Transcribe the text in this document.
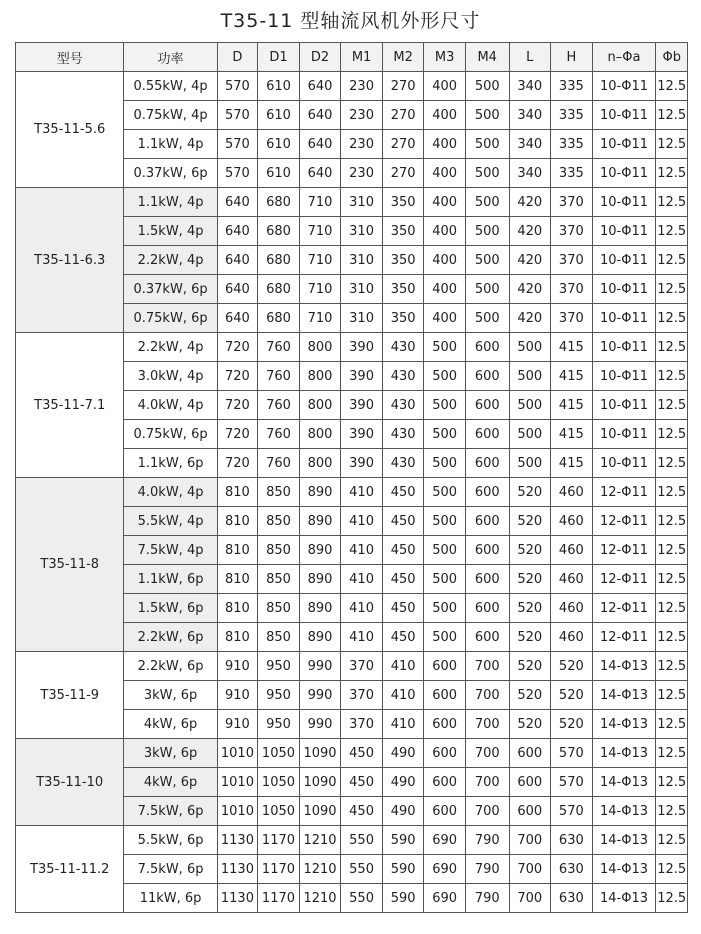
T35-11 型轴流风机外形尺寸
型号	功率	D	D1	D2	M1	M2	M3	M4	L	H	n–Φa	Φb
T35-11-5.6	0.55kW, 4p	570	610	640	230	270	400	500	340	335	10-Φ11	12.5
	0.75kW, 4p	570	610	640	230	270	400	500	340	335	10-Φ11	12.5
	1.1kW, 4p	570	610	640	230	270	400	500	340	335	10-Φ11	12.5
	0.37kW, 6p	570	610	640	230	270	400	500	340	335	10-Φ11	12.5
T35-11-6.3	1.1kW, 4p	640	680	710	310	350	400	500	420	370	10-Φ11	12.5
	1.5kW, 4p	640	680	710	310	350	400	500	420	370	10-Φ11	12.5
	2.2kW, 4p	640	680	710	310	350	400	500	420	370	10-Φ11	12.5
	0.37kW, 6p	640	680	710	310	350	400	500	420	370	10-Φ11	12.5
	0.75kW, 6p	640	680	710	310	350	400	500	420	370	10-Φ11	12.5
T35-11-7.1	2.2kW, 4p	720	760	800	390	430	500	600	500	415	10-Φ11	12.5
	3.0kW, 4p	720	760	800	390	430	500	600	500	415	10-Φ11	12.5
	4.0kW, 4p	720	760	800	390	430	500	600	500	415	10-Φ11	12.5
	0.75kW, 6p	720	760	800	390	430	500	600	500	415	10-Φ11	12.5
	1.1kW, 6p	720	760	800	390	430	500	600	500	415	10-Φ11	12.5
T35-11-8	4.0kW, 4p	810	850	890	410	450	500	600	520	460	12-Φ11	12.5
	5.5kW, 4p	810	850	890	410	450	500	600	520	460	12-Φ11	12.5
	7.5kW, 4p	810	850	890	410	450	500	600	520	460	12-Φ11	12.5
	1.1kW, 6p	810	850	890	410	450	500	600	520	460	12-Φ11	12.5
	1.5kW, 6p	810	850	890	410	450	500	600	520	460	12-Φ11	12.5
	2.2kW, 6p	810	850	890	410	450	500	600	520	460	12-Φ11	12.5
T35-11-9	2.2kW, 6p	910	950	990	370	410	600	700	520	520	14-Φ13	12.5
	3kW, 6p	910	950	990	370	410	600	700	520	520	14-Φ13	12.5
	4kW, 6p	910	950	990	370	410	600	700	520	520	14-Φ13	12.5
T35-11-10	3kW, 6p	1010	1050	1090	450	490	600	700	600	570	14-Φ13	12.5
	4kW, 6p	1010	1050	1090	450	490	600	700	600	570	14-Φ13	12.5
	7.5kW, 6p	1010	1050	1090	450	490	600	700	600	570	14-Φ13	12.5
T35-11-11.2	5.5kW, 6p	1130	1170	1210	550	590	690	790	700	630	14-Φ13	12.5
	7.5kW, 6p	1130	1170	1210	550	590	690	790	700	630	14-Φ13	12.5
	11kW, 6p	1130	1170	1210	550	590	690	790	700	630	14-Φ13	12.5
